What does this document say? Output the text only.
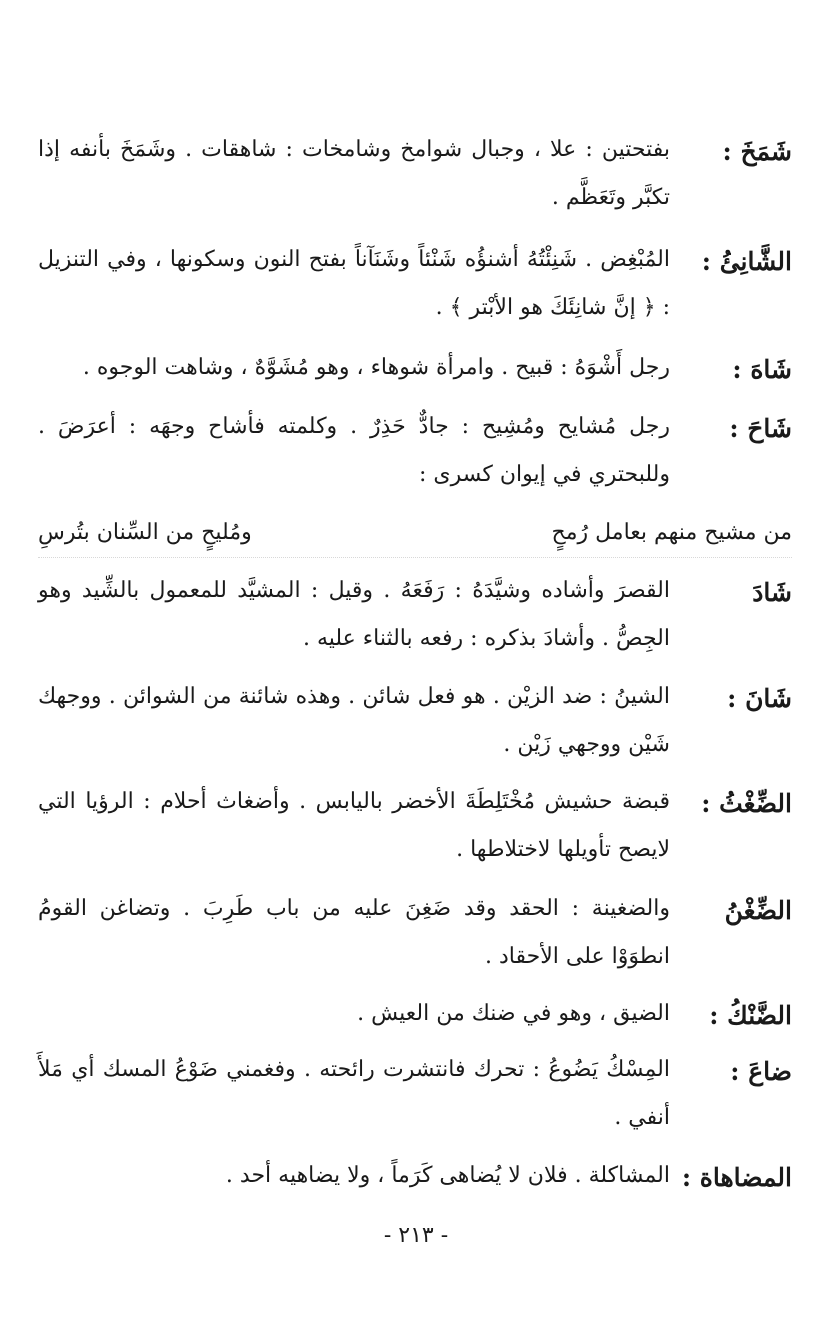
شَمَخَ :
بفتحتين : علا ، وجبال شوامخ وشامخات : شاهقات . وشَمَخَ بأنفه إذا تكبَّر وتَعَظَّم .
الشَّانِئُ :
المُبْغِض . شَنِئْتُهُ أشنؤُه شَنْئاً وشَنَآناً بفتح النون وسكونها ، وفي التنزيل : ﴿ إنَّ شانِئَكَ هو الأبْتر ﴾ .
شَاهَ :
رجل أَشْوَهُ : قبيح . وامرأة شوهاء ، وهو مُشَوَّهٌ ، وشاهت الوجوه .
شَاحَ :
رجل مُشايح ومُشِيح : جادٌّ حَذِرٌ . وكلمته فأشاح وجهَه : أعرَضَ . وللبحتري في إيوان كسرى :
من مشيح منهم بعامل رُمحٍ
ومُليحٍ من السِّنان بتُرسِ
شَادَ
القصرَ وأشاده وشيَّدَهُ : رَفَعَهُ . وقيل : المشيَّد للمعمول بالشِّيد وهو الجِصُّ . وأشادَ بذكره : رفعه بالثناء عليه .
شَانَ :
الشينُ : ضد الزيْن . هو فعل شائن . وهذه شائنة من الشوائن . ووجهك شَيْن ووجهي زَيْن .
الضِّغْثُ :
قبضة حشيش مُخْتَلِطَةَ الأخضر باليابس . وأضغاث أحلام : الرؤيا التي لايصح تأويلها لاختلاطها .
الضِّغْنُ
والضغينة : الحقد وقد ضَغِنَ عليه من باب طَرِبَ . وتضاغن القومُ انطوَوْا على الأحقاد .
الضَّنْكُ :
الضيق ، وهو في ضنك من العيش .
ضاعَ :
المِسْكُ يَضُوعُ : تحرك فانتشرت رائحته . وفغمني ضَوْعُ المسك أي مَلأَ أنفي .
المضاهاة :
المشاكلة . فلان لا يُضاهى كَرَماً ، ولا يضاهيه أحد .
- ٢١٣ -
